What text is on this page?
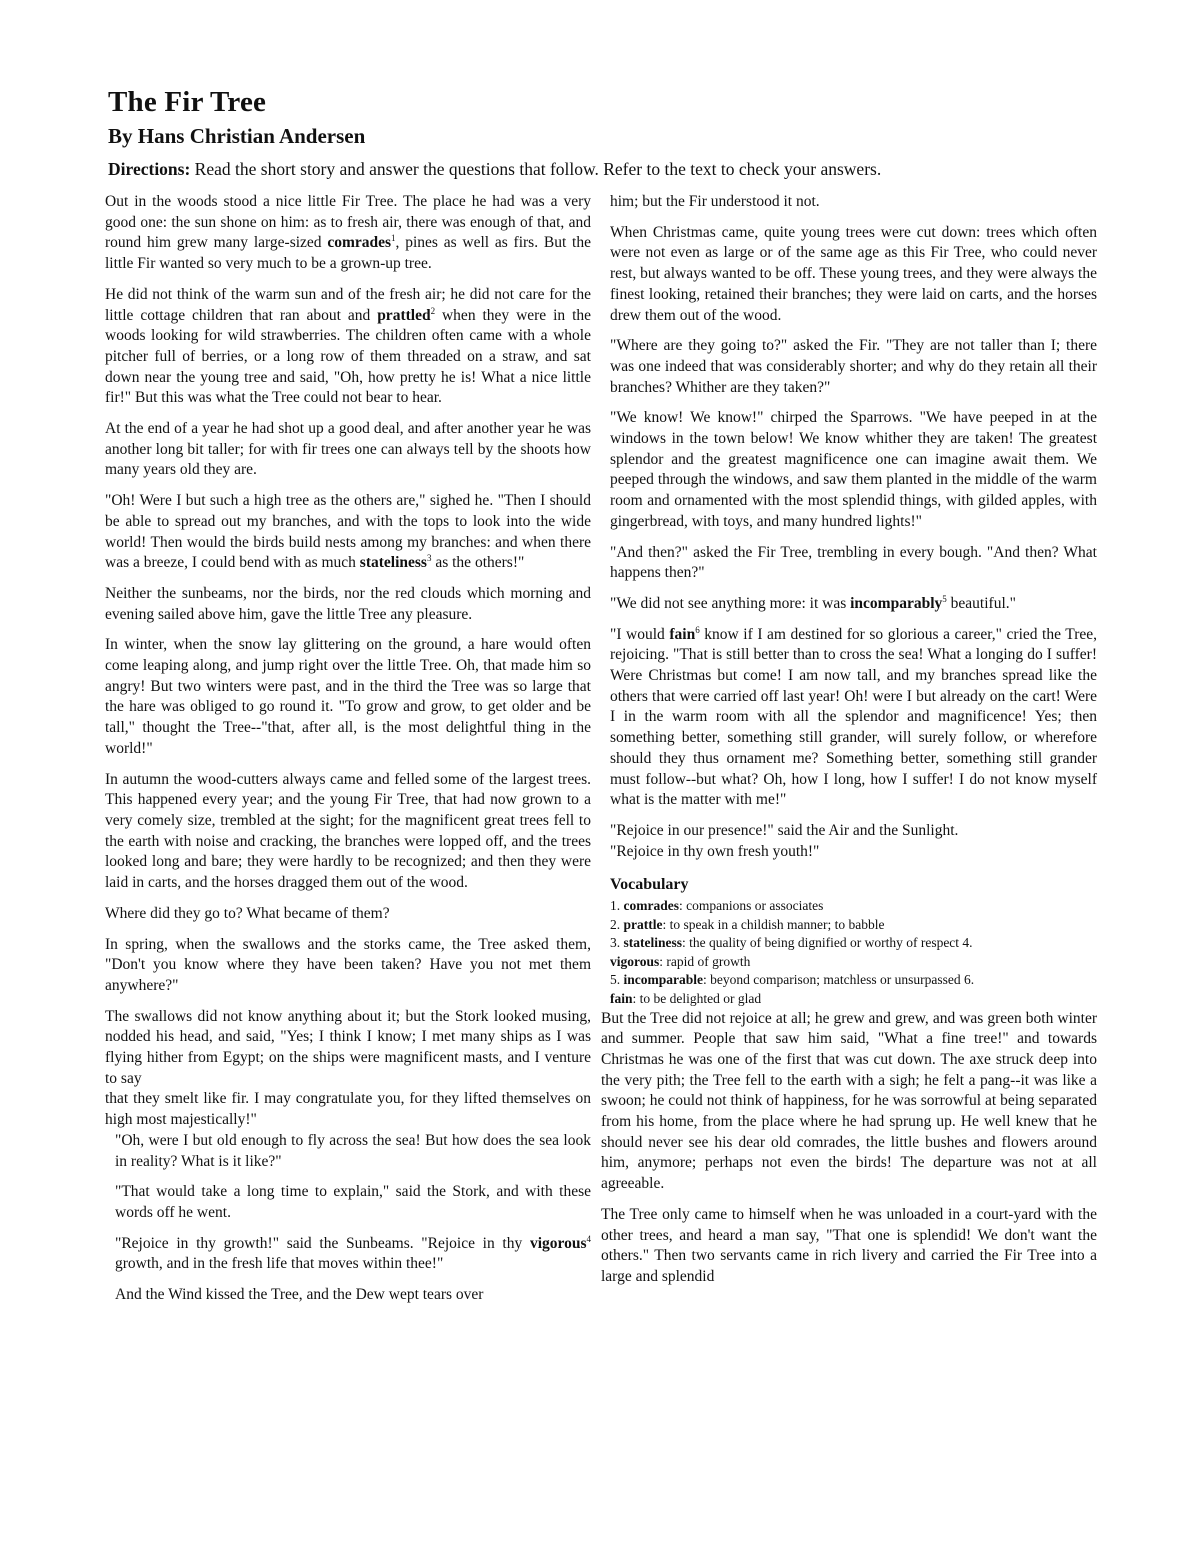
The Fir Tree
By Hans Christian Andersen

Directions: Read the short story and answer the questions that follow. Refer to the text to check your answers.

Out in the woods stood a nice little Fir Tree. The place he had was a very good one: the sun shone on him: as to fresh air, there was enough of that, and round him grew many large-sized comrades$^1$, pines as well as firs. But the little Fir wanted so very much to be a grown-up tree.

He did not think of the warm sun and of the fresh air; he did not care for the little cottage children that ran about and prattled$^2$ when they were in the woods looking for wild strawberries. The children often came with a whole pitcher full of berries, or a long row of them threaded on a straw, and sat down near the young tree and said, "Oh, how pretty he is! What a nice little fir!" But this was what the Tree could not bear to hear.

At the end of a year he had shot up a good deal, and after another year he was another long bit taller; for with fir trees one can always tell by the shoots how many years old they are.

"Oh! Were I but such a high tree as the others are," sighed he. "Then I should be able to spread out my branches, and with the tops to look into the wide world! Then would the birds build nests among my branches: and when there was a breeze, I could bend with as much stateliness$^3$ as the others!"

Neither the sunbeams, nor the birds, nor the red clouds which morning and evening sailed above him, gave the little Tree any pleasure.

In winter, when the snow lay glittering on the ground, a hare would often come leaping along, and jump right over the little Tree. Oh, that made him so angry! But two winters were past, and in the third the Tree was so large that the hare was obliged to go round it. "To grow and grow, to get older and be tall," thought the Tree--"that, after all, is the most delightful thing in the world!"

In autumn the wood-cutters always came and felled some of the largest trees. This happened every year; and the young Fir Tree, that had now grown to a very comely size, trembled at the sight; for the magnificent great trees fell to the earth with noise and cracking, the branches were lopped off, and the trees looked long and bare; they were hardly to be recognized; and then they were laid in carts, and the horses dragged them out of the wood.

Where did they go to? What became of them?

In spring, when the swallows and the storks came, the Tree asked them, "Don't you know where they have been taken? Have you not met them anywhere?"

The swallows did not know anything about it; but the Stork looked musing, nodded his head, and said, "Yes; I think I know; I met many ships as I was flying hither from Egypt; on the ships were magnificent masts, and I venture to say

that they smelt like fir. I may congratulate you, for they lifted themselves on high most majestically!"

"Oh, were I but old enough to fly across the sea! But how does the sea look in reality? What is it like?"

"That would take a long time to explain," said the Stork, and with these words off he went.

"Rejoice in thy growth!" said the Sunbeams. "Rejoice in thy vigorous$^4$ growth, and in the fresh life that moves within thee!"

And the Wind kissed the Tree, and the Dew wept tears over

him; but the Fir understood it not.

When Christmas came, quite young trees were cut down: trees which often were not even as large or of the same age as this Fir Tree, who could never rest, but always wanted to be off. These young trees, and they were always the finest looking, retained their branches; they were laid on carts, and the horses drew them out of the wood.

"Where are they going to?" asked the Fir. "They are not taller than I; there was one indeed that was considerably shorter; and why do they retain all their branches? Whither are they taken?"

"We know! We know!" chirped the Sparrows. "We have peeped in at the windows in the town below! We know whither they are taken! The greatest splendor and the greatest magnificence one can imagine await them. We peeped through the windows, and saw them planted in the middle of the warm room and ornamented with the most splendid things, with gilded apples, with gingerbread, with toys, and many hundred lights!"

"And then?" asked the Fir Tree, trembling in every bough. "And then? What happens then?"

"We did not see anything more: it was incomparably$^5$ beautiful."

"I would fain$^6$ know if I am destined for so glorious a career," cried the Tree, rejoicing. "That is still better than to cross the sea! What a longing do I suffer! Were Christmas but come! I am now tall, and my branches spread like the others that were carried off last year! Oh! were I but already on the cart! Were I in the warm room with all the splendor and magnificence! Yes; then something better, something still grander, will surely follow, or wherefore should they thus ornament me? Something better, something still grander must follow--but what? Oh, how I long, how I suffer! I do not know myself what is the matter with me!"

"Rejoice in our presence!" said the Air and the Sunlight.

"Rejoice in thy own fresh youth!"

Vocabulary
1. comrades: companions or associates
2. prattle: to speak in a childish manner; to babble
3. stateliness: the quality of being dignified or worthy of respect 4.
vigorous: rapid of growth
5. incomparable: beyond comparison; matchless or unsurpassed 6.
fain: to be delighted or glad

But the Tree did not rejoice at all; he grew and grew, and was green both winter and summer. People that saw him said, "What a fine tree!" and towards Christmas he was one of the first that was cut down. The axe struck deep into the very pith; the Tree fell to the earth with a sigh; he felt a pang--it was like a swoon; he could not think of happiness, for he was sorrowful at being separated from his home, from the place where he had sprung up. He well knew that he should never see his dear old comrades, the little bushes and flowers around him, anymore; perhaps not even the birds! The departure was not at all agreeable.

The Tree only came to himself when he was unloaded in a court-yard with the other trees, and heard a man say, "That one is splendid! We don't want the others." Then two servants came in rich livery and carried the Fir Tree into a large and splendid
